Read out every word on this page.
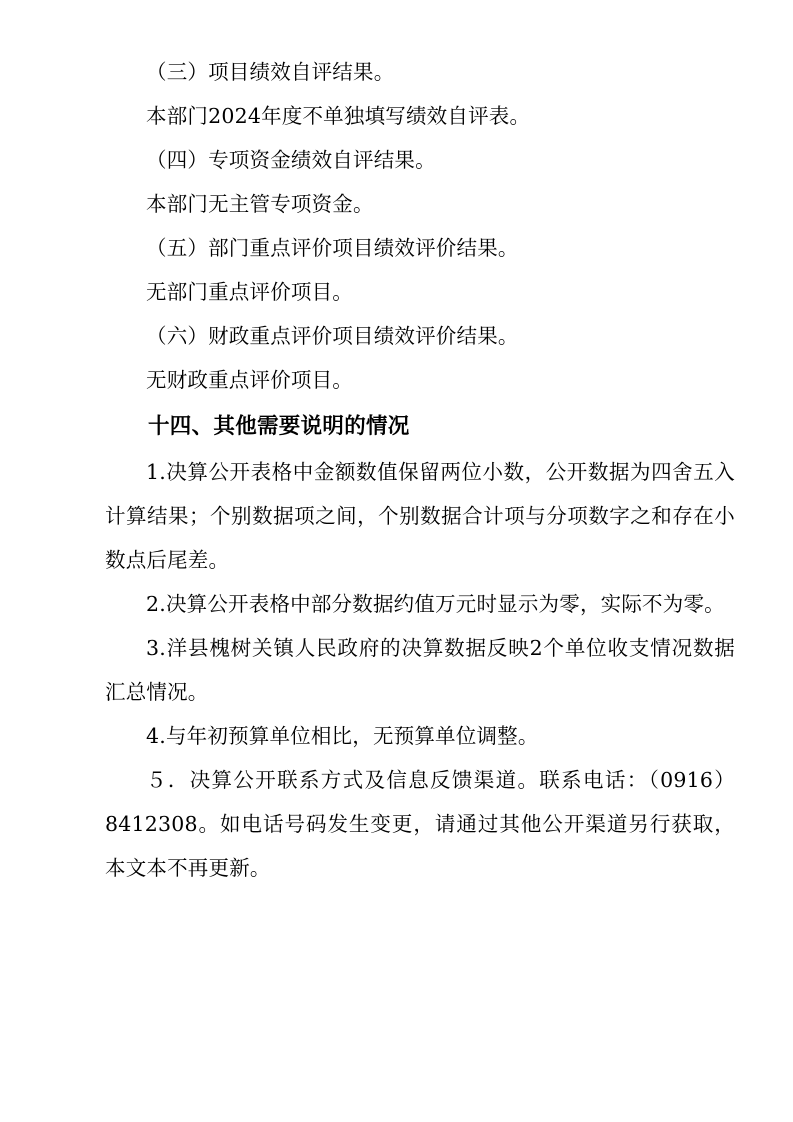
（三）项目绩效自评结果。

本部门2024年度不单独填写绩效自评表。

（四）专项资金绩效自评结果。

本部门无主管专项资金。

（五）部门重点评价项目绩效评价结果。

无部门重点评价项目。

（六）财政重点评价项目绩效评价结果。

无财政重点评价项目。

十四、其他需要说明的情况

1.决算公开表格中金额数值保留两位小数，公开数据为四舍五入计算结果；个别数据项之间，个别数据合计项与分项数字之和存在小数点后尾差。

2.决算公开表格中部分数据约值万元时显示为零，实际不为零。

3.洋县槐树关镇人民政府的决算数据反映2个单位收支情况数据汇总情况。

4.与年初预算单位相比，无预算单位调整。

５．决算公开联系方式及信息反馈渠道。联系电话：（0916）8412308。如电话号码发生变更，请通过其他公开渠道另行获取，本文本不再更新。
